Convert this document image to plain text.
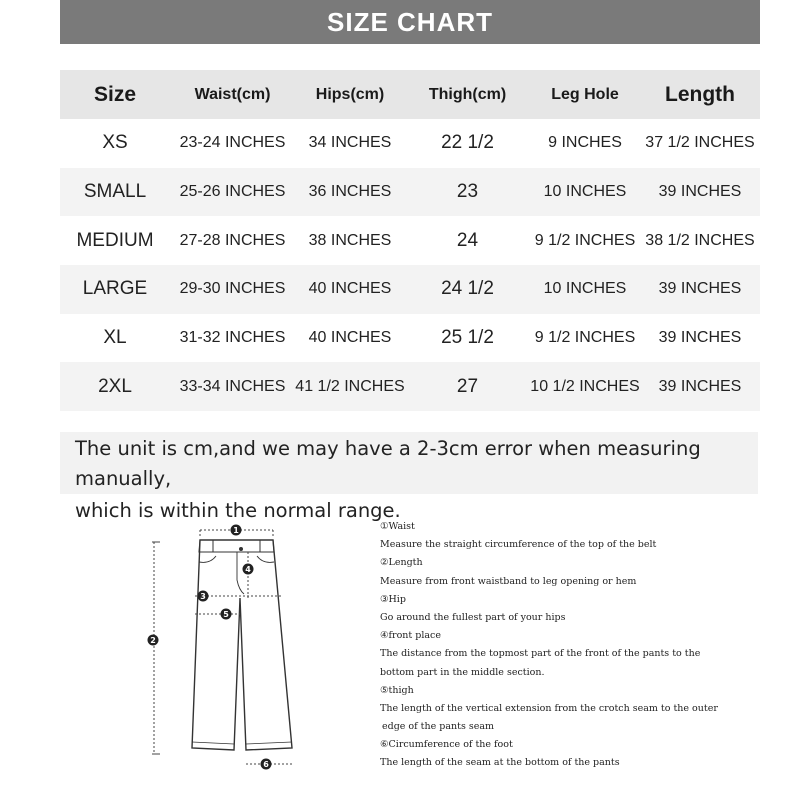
SIZE CHART
Size	Waist(cm)	Hips(cm)	Thigh(cm)	Leg Hole	Length
XS	23-24 INCHES	34 INCHES	22 1/2	9 INCHES	37 1/2 INCHES
SMALL	25-26 INCHES	36 INCHES	23	10 INCHES	39 INCHES
MEDIUM	27-28 INCHES	38 INCHES	24	9 1/2 INCHES	38 1/2 INCHES
LARGE	29-30 INCHES	40 INCHES	24 1/2	10 INCHES	39 INCHES
XL	31-32 INCHES	40 INCHES	25 1/2	9 1/2 INCHES	39 INCHES
2XL	33-34 INCHES	41 1/2 INCHES	27	10 1/2 INCHES	39 INCHES

The unit is cm,and we may have a 2-3cm error when measuring manually,

which is within the normal range.

1
2
3
4
5
6
①Waist
Measure the straight circumference of the top of the belt
②Length
Measure from front waistband to leg opening or hem
③Hip
Go around the fullest part of your hips
④front place
The distance from the topmost part of the front of the pants to the
bottom part in the middle section.
⑤thigh
The length of the vertical extension from the crotch seam to the outer
edge of the pants seam
⑥Circumference of the foot
The length of the seam at the bottom of the pants
